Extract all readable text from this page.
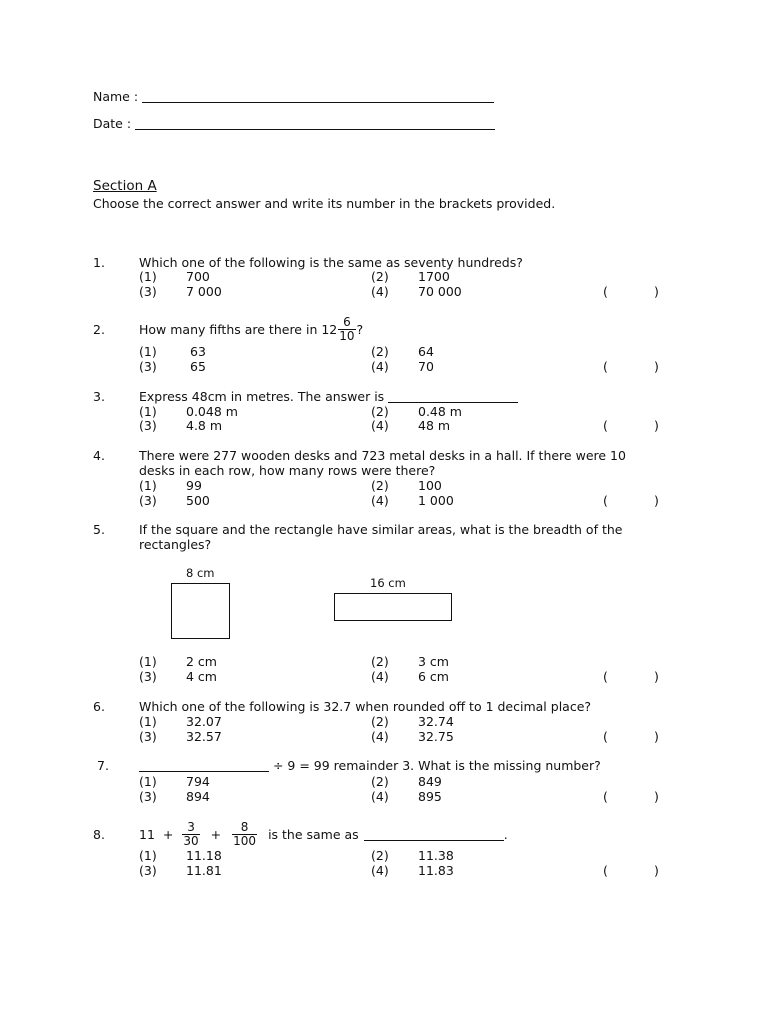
Name :
Date :
Section A
Choose the correct answer and write its number in the brackets provided.
1.	Which one of the following is the same as seventy hundreds?
(1) 700	(2) 1700
(3) 7 000	(4) 70 000	(	)
2.	How many fifths are there in $12 \frac{6}{10}$ ?
(1)	63	(2) 64
(3)	65	(4) 70	(	)
3.	Express 48cm in metres. The answer is
(1) 0.048 m	(2) 0.48 m
(3) 4.8 m	(4) 48 m	(	)
4.	There were 277 wooden desks and 723 metal desks in a hall. If there were 10
desks in each row, how many rows were there?
(1) 99	(2) 100
(3) 500	(4) 1 000	(	)
5.	If the square and the rectangle have similar areas, what is the breadth of the
rectangles?
8 cm
16 cm
(1) 2 cm	(2) 3 cm
(3) 4 cm	(4) 6 cm	(	)
6.	Which one of the following is 32.7 when rounded off to 1 decimal place?
(1) 32.07	(2) 32.74
(3) 32.57	(4) 32.75	(	)
7.	÷ 9 = 99 remainder 3. What is the missing number?
(1) 794	(2) 849
(3) 894	(4) 895	(	)
8.	$11 + \frac{3}{30} + \frac{8}{100}$ is the same as	.
(1) 11.18	(2) 11.38
(3) 11.81	(4) 11.83	(	)
